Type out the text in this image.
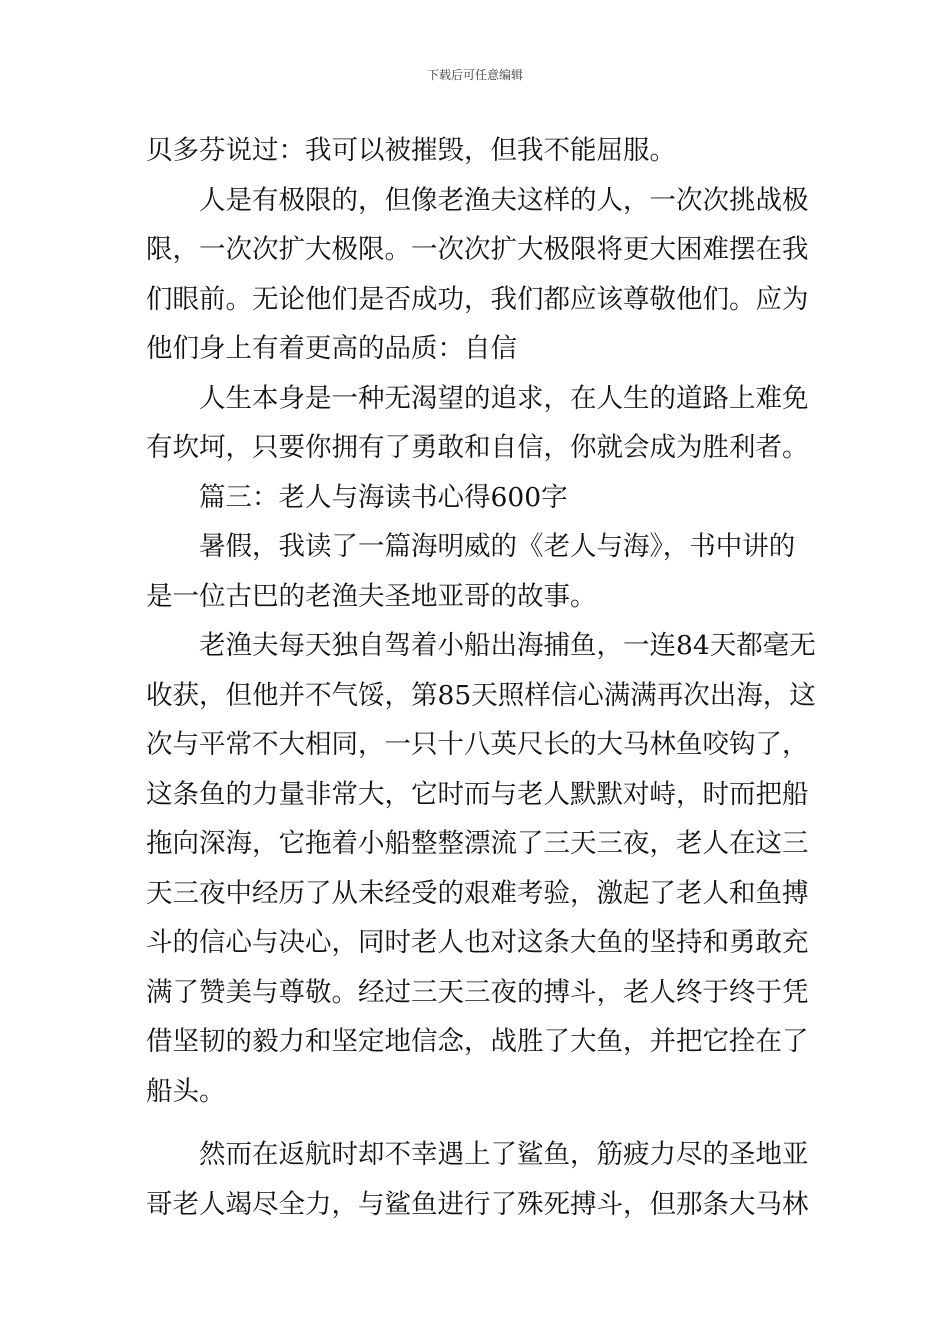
下载后可任意编辑

贝多芬说过：我可以被摧毁，但我不能屈服。

人是有极限的，但像老渔夫这样的人，一次次挑战极限，一次次扩大极限。一次次扩大极限将更大困难摆在我们眼前。无论他们是否成功，我们都应该尊敬他们。应为他们身上有着更高的品质：自信

人生本身是一种无渴望的追求，在人生的道路上难免有坎坷，只要你拥有了勇敢和自信，你就会成为胜利者。

篇三：老人与海读书心得600字

暑假，我读了一篇海明威的《老人与海》，书中讲的是一位古巴的老渔夫圣地亚哥的故事。

老渔夫每天独自驾着小船出海捕鱼，一连84天都毫无收获，但他并不气馁，第85天照样信心满满再次出海，这次与平常不大相同，一只十八英尺长的大马林鱼咬钩了，这条鱼的力量非常大，它时而与老人默默对峙，时而把船拖向深海，它拖着小船整整漂流了三天三夜，老人在这三天三夜中经历了从未经受的艰难考验，激起了老人和鱼搏斗的信心与决心，同时老人也对这条大鱼的坚持和勇敢充满了赞美与尊敬。经过三天三夜的搏斗，老人终于终于凭借坚韧的毅力和坚定地信念，战胜了大鱼，并把它拴在了船头。

然而在返航时却不幸遇上了鲨鱼，筋疲力尽的圣地亚哥老人竭尽全力，与鲨鱼进行了殊死搏斗，但那条大马林
